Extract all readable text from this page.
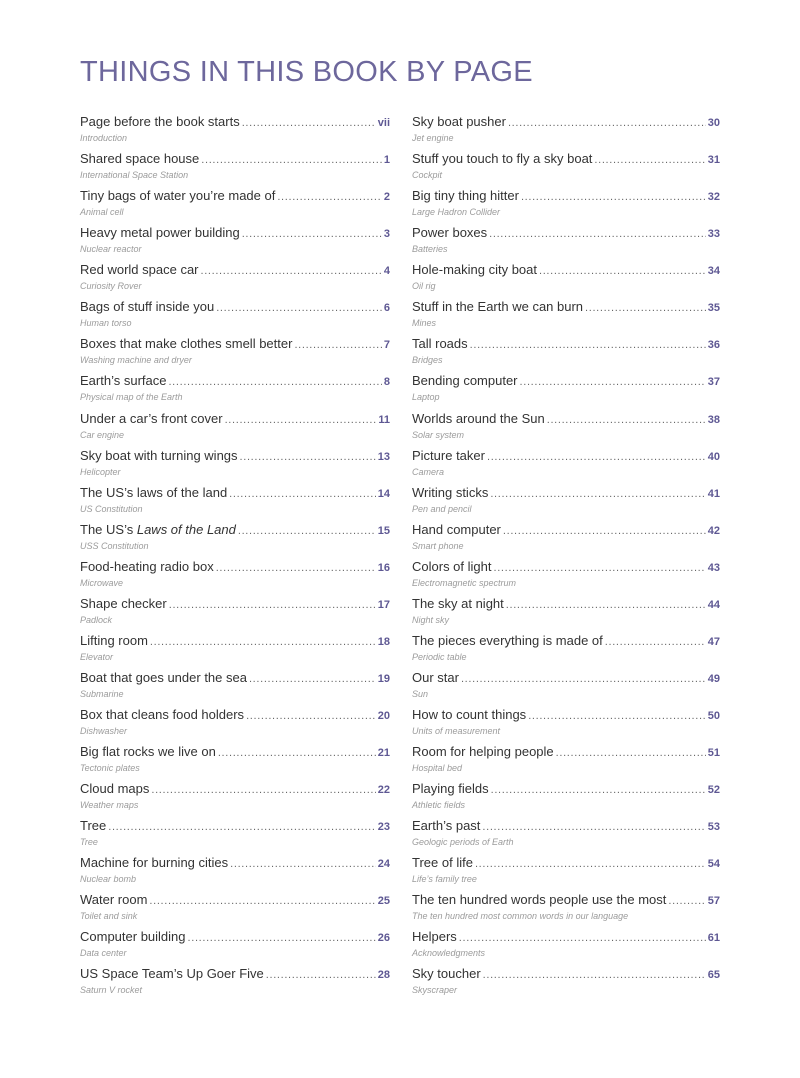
THINGS IN THIS BOOK BY PAGE
Page before the book starts . . .	vii
Introduction
Shared space house . . .	1
International Space Station
Tiny bags of water you’re made of . . .	2
Animal cell
Heavy metal power building . . .	3
Nuclear reactor
Red world space car . . .	4
Curiosity Rover
Bags of stuff inside you . . .	6
Human torso
Boxes that make clothes smell better . . .	7
Washing machine and dryer
Earth’s surface . . .	8
Physical map of the Earth
Under a car’s front cover . . .	11
Car engine
Sky boat with turning wings . . .	13
Helicopter
The US’s laws of the land . . .	14
US Constitution
The US’s Laws of the Land . . .	15
USS Constitution
Food-heating radio box . . .	16
Microwave
Shape checker . . .	17
Padlock
Lifting room . . .	18
Elevator
Boat that goes under the sea . . .	19
Submarine
Box that cleans food holders . . .	20
Dishwasher
Big flat rocks we live on . . .	21
Tectonic plates
Cloud maps . . .	22
Weather maps
Tree . . .	23
Tree
Machine for burning cities . . .	24
Nuclear bomb
Water room . . .	25
Toilet and sink
Computer building . . .	26
Data center
US Space Team’s Up Goer Five . . .	28
Saturn V rocket
Sky boat pusher . . .	30
Jet engine
Stuff you touch to fly a sky boat . . .	31
Cockpit
Big tiny thing hitter . . .	32
Large Hadron Collider
Power boxes . . .	33
Batteries
Hole-making city boat . . .	34
Oil rig
Stuff in the Earth we can burn . . .	35
Mines
Tall roads . . .	36
Bridges
Bending computer . . .	37
Laptop
Worlds around the Sun . . .	38
Solar system
Picture taker . . .	40
Camera
Writing sticks . . .	41
Pen and pencil
Hand computer . . .	42
Smart phone
Colors of light . . .	43
Electromagnetic spectrum
The sky at night . . .	44
Night sky
The pieces everything is made of . . .	47
Periodic table
Our star . . .	49
Sun
How to count things . . .	50
Units of measurement
Room for helping people . . .	51
Hospital bed
Playing fields . . .	52
Athletic fields
Earth’s past . . .	53
Geologic periods of Earth
Tree of life . . .	54
Life’s family tree
The ten hundred words people use the most . . .	57
The ten hundred most common words in our language
Helpers . . .	61
Acknowledgments
Sky toucher . . .	65
Skyscraper
